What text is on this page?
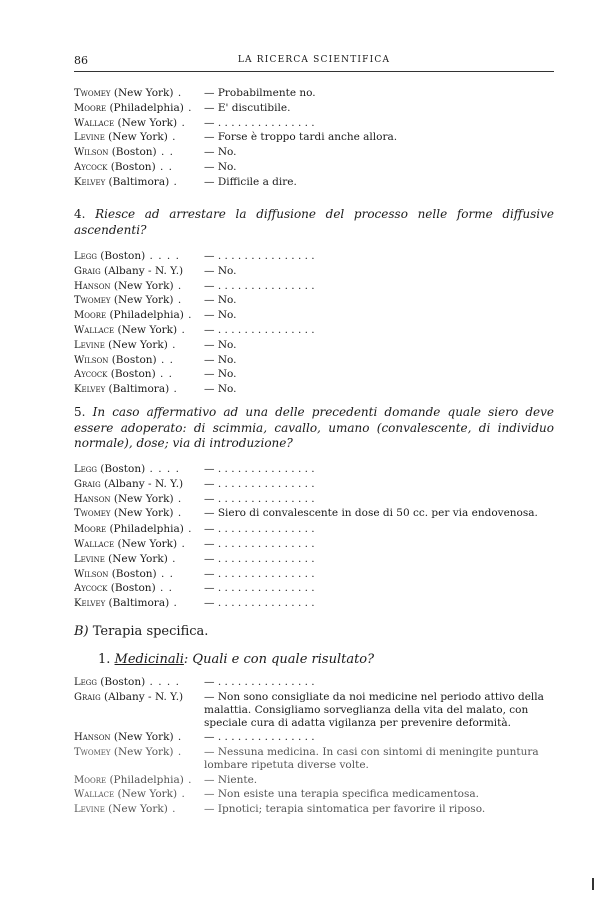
86	LA RICERCA SCIENTIFICA
Twomey (New York) .	— Probabilmente no.
Moore (Philadelphia) .	— E' discutibile.
Wallace (New York) .	— . . . . . . . . . . . . . . .
Levine (New York) .	— Forse è troppo tardi anche allora.
Wilson (Boston) . .	— No.
Aycock (Boston) . .	— No.
Kelvey (Baltimora) .	— Difficile a dire.
4. Riesce ad arrestare la diffusione del processo nelle forme diffusive ascendenti?
Legg (Boston) . . . .	— . . . . . . . . . . . . . . .
Graig (Albany - N. Y.)	— No.
Hanson (New York) .	— . . . . . . . . . . . . . . .
Twomey (New York) .	— No.
Moore (Philadelphia) .	— No.
Wallace (New York) .	— . . . . . . . . . . . . . . .
Levine (New York) .	— No.
Wilson (Boston) . .	— No.
Aycock (Boston) . .	— No.
Kelvey (Baltimora) .	— No.
5. In caso affermativo ad una delle precedenti domande quale siero deve essere adoperato: di scimmia, cavallo, umano (convalescente, di individuo normale), dose; via di introduzione?
Legg (Boston) . . . .	— . . . . . . . . . . . . . . .
Graig (Albany - N. Y.)	— . . . . . . . . . . . . . . .
Hanson (New York) .	— . . . . . . . . . . . . . . .
Twomey (New York) .	— Siero di convalescente in dose di 50 cc. per via endovenosa.
Moore (Philadelphia) .	— . . . . . . . . . . . . . . .
Wallace (New York) .	— . . . . . . . . . . . . . . .
Levine (New York) .	— . . . . . . . . . . . . . . .
Wilson (Boston) . .	— . . . . . . . . . . . . . . .
Aycock (Boston) . .	— . . . . . . . . . . . . . . .
Kelvey (Baltimora) .	— . . . . . . . . . . . . . . .
B) Terapia specifica.
1. Medicinali: Quali e con quale risultato?
Legg (Boston) . . . .	— . . . . . . . . . . . . . . .
Graig (Albany - N. Y.)	— Non sono consigliate da noi medicine nel periodo attivo della malattia. Consigliamo sorveglianza della vita del malato, con speciale cura di adatta vigilanza per prevenire deformità.
Hanson (New York) .	— . . . . . . . . . . . . . . .
Twomey (New York) .	— Nessuna medicina. In casi con sintomi di meningite puntura lombare ripetuta diverse volte.
Moore (Philadelphia) .	— Niente.
Wallace (New York) .	— Non esiste una terapia specifica medicamentosa.
Levine (New York) .	— Ipnotici; terapia sintomatica per favorire il riposo.
